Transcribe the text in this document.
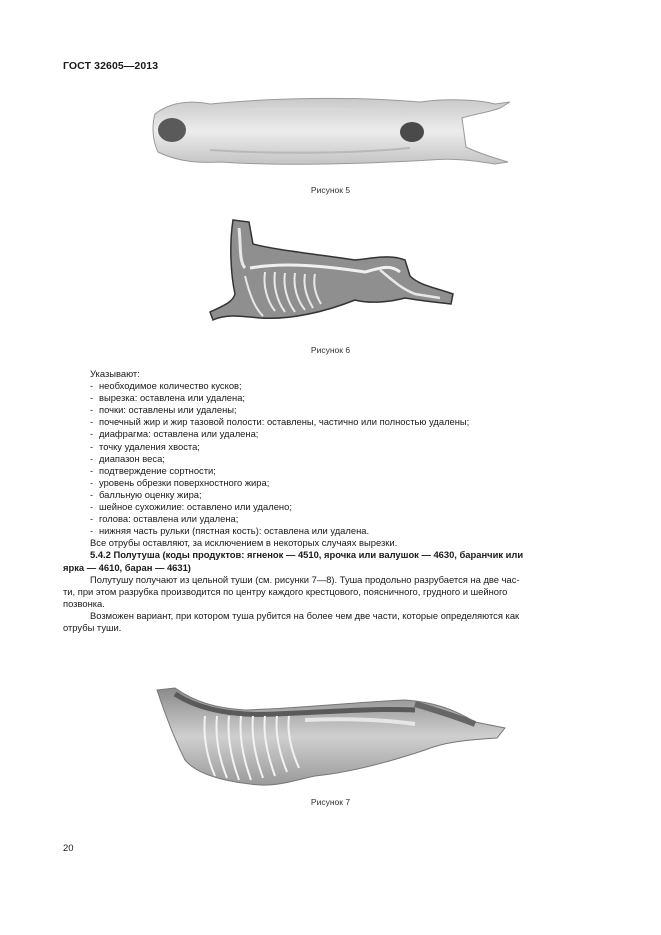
ГОСТ 32605—2013
Рисунок 5
Рисунок 6
Указывают:
- необходимое количество кусков;
- вырезка: оставлена или удалена;
- почки: оставлены или удалены;
- почечный жир и жир тазовой полости: оставлены, частично или полностью удалены;
- диафрагма: оставлена или удалена;
- точку удаления хвоста;
- диапазон веса;
- подтверждение сортности;
- уровень обрезки поверхностного жира;
- балльную оценку жира;
- шейное сухожилие: оставлено или удалено;
- голова: оставлена или удалена;
- нижняя часть рульки (пястная кость): оставлена или удалена.
Все отрубы оставляют, за исключением в некоторых случаях вырезки.
5.4.2 Полутуша (коды продуктов: ягненок — 4510, ярочка или валушок — 4630, баранчик или
ярка — 4610, баран — 4631)
Полутушу получают из цельной туши (см. рисунки 7—8). Туша продольно разрубается на две час-
ти, при этом разрубка производится по центру каждого крестцового, поясничного, грудного и шейного
позвонка.
Возможен вариант, при котором туша рубится на более чем две части, которые определяются как
отрубы туши.
Рисунок 7
20
